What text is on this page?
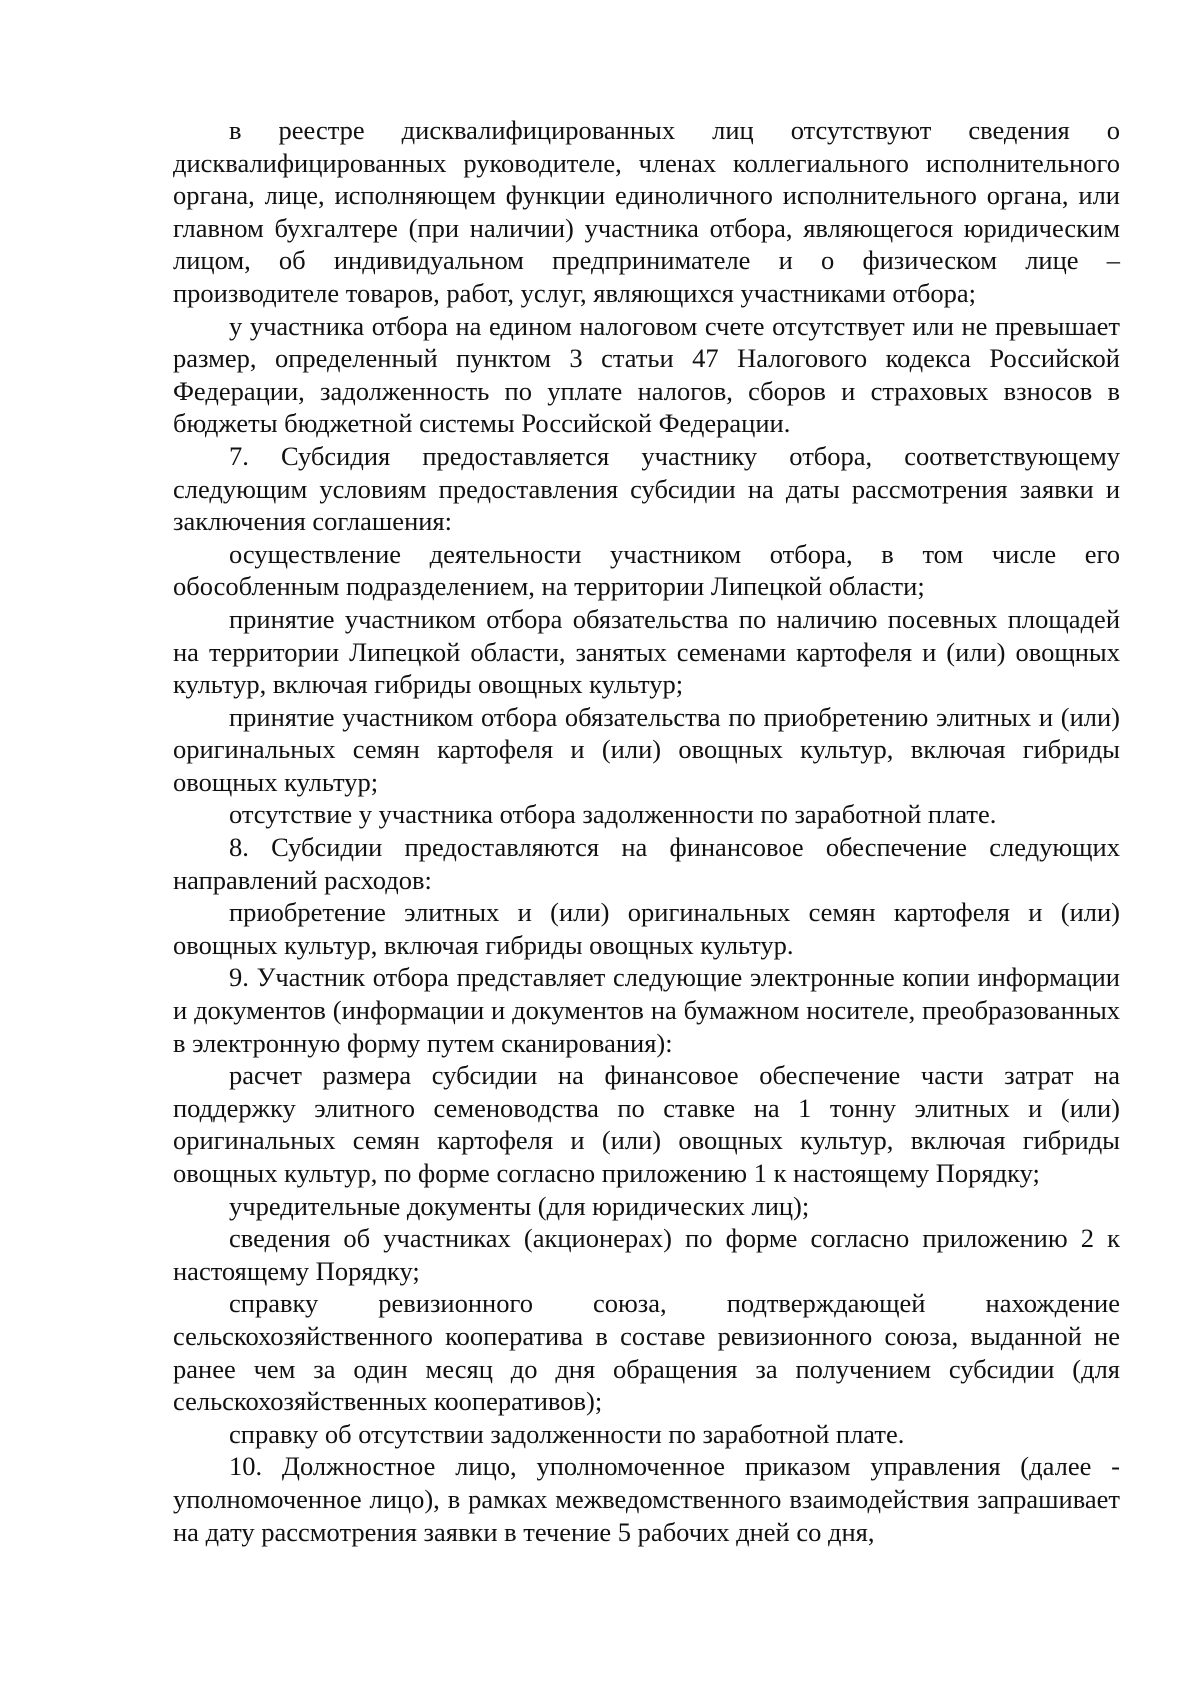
в реестре дисквалифицированных лиц отсутствуют сведения о дисквалифицированных руководителе, членах коллегиального исполнительного органа, лице, исполняющем функции единоличного исполнительного органа, или главном бухгалтере (при наличии) участника отбора, являющегося юридическим лицом, об индивидуальном предпринимателе и о физическом лице – производителе товаров, работ, услуг, являющихся участниками отбора;

у участника отбора на едином налоговом счете отсутствует или не превышает размер, определенный пунктом 3 статьи 47 Налогового кодекса Российской Федерации, задолженность по уплате налогов, сборов и страховых взносов в бюджеты бюджетной системы Российской Федерации.

7. Субсидия предоставляется участнику отбора, соответствующему следующим условиям предоставления субсидии на даты рассмотрения заявки и заключения соглашения:

осуществление деятельности участником отбора, в том числе его обособленным подразделением, на территории Липецкой области;

принятие участником отбора обязательства по наличию посевных площадей на территории Липецкой области, занятых семенами картофеля и (или) овощных культур, включая гибриды овощных культур;

принятие участником отбора обязательства по приобретению элитных и (или) оригинальных семян картофеля и (или) овощных культур, включая гибриды овощных культур;

отсутствие у участника отбора задолженности по заработной плате.

8. Субсидии предоставляются на финансовое обеспечение следующих направлений расходов:

приобретение элитных и (или) оригинальных семян картофеля и (или) овощных культур, включая гибриды овощных культур.

9. Участник отбора представляет следующие электронные копии информации и документов (информации и документов на бумажном носителе, преобразованных в электронную форму путем сканирования):

расчет размера субсидии на финансовое обеспечение части затрат на поддержку элитного семеноводства по ставке на 1 тонну элитных и (или) оригинальных семян картофеля и (или) овощных культур, включая гибриды овощных культур, по форме согласно приложению 1 к настоящему Порядку;

учредительные документы (для юридических лиц);

сведения об участниках (акционерах) по форме согласно приложению 2 к настоящему Порядку;

справку ревизионного союза, подтверждающей нахождение сельскохозяйственного кооператива в составе ревизионного союза, выданной не ранее чем за один месяц до дня обращения за получением субсидии (для сельскохозяйственных кооперативов);

справку об отсутствии задолженности по заработной плате.

10. Должностное лицо, уполномоченное приказом управления (далее - уполномоченное лицо), в рамках межведомственного взаимодействия запрашивает на дату рассмотрения заявки в течение 5 рабочих дней со дня,
